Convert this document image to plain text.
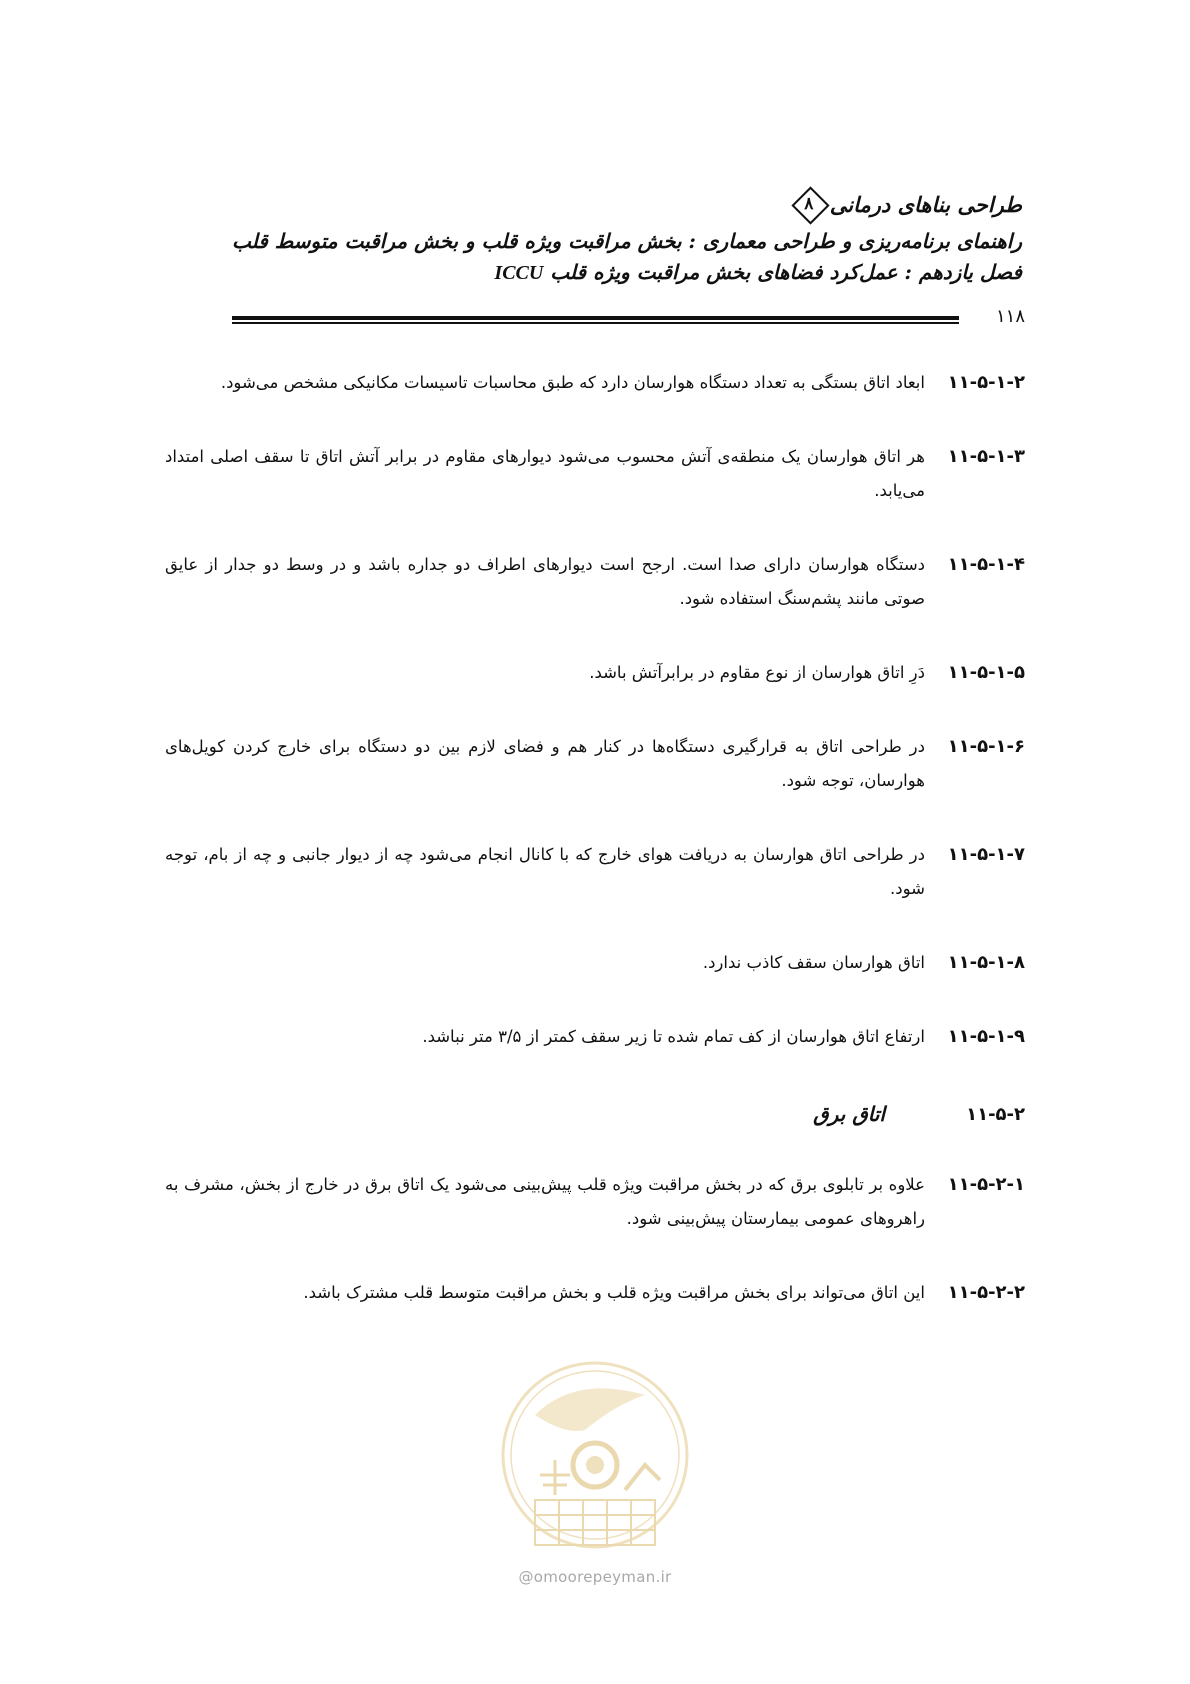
طراحی بناهای درمانی
۸
راهنمای برنامه‌ریزی و طراحی معماری : بخش مراقبت ویژه قلب و بخش مراقبت متوسط قلب
فصل یازدهم : عمل‌کرد فضاهای بخش مراقبت ویژه قلب ICCU
۱۱۸
۱۱-۵-۱-۲
ابعاد اتاق بستگی به تعداد دستگاه هوارسان دارد که طبق محاسبات تاسیسات مکانیکی مشخص می‌شود.
۱۱-۵-۱-۳
هر اتاق هوارسان یک منطقه‌ی آتش محسوب می‌شود دیوارهای مقاوم در برابر آتش اتاق تا سقف اصلی امتداد می‌یابد.
۱۱-۵-۱-۴
دستگاه هوارسان دارای صدا است. ارجح است دیوارهای اطراف دو جداره باشد و در وسط دو جدار از عایق صوتی مانند پشم‌سنگ استفاده شود.
۱۱-۵-۱-۵
دَرِ اتاق هوارسان از نوع مقاوم در برابرآتش باشد.
۱۱-۵-۱-۶
در طراحی اتاق به قرارگیری دستگاه‌ها در کنار هم و فضای لازم بین دو دستگاه برای خارج کردن کویل‌های هوارسان، توجه شود.
۱۱-۵-۱-۷
در طراحی اتاق هوارسان به دریافت هوای خارج که با کانال انجام می‌شود چه از دیوار جانبی و چه از بام، توجه شود.
۱۱-۵-۱-۸
اتاق هوارسان سقف کاذب ندارد.
۱۱-۵-۱-۹
ارتفاع اتاق هوارسان از کف تمام شده تا زیر سقف کمتر از ۳/۵ متر نباشد.
۱۱-۵-۲
اتاق برق
۱۱-۵-۲-۱
علاوه بر تابلوی برق که در بخش مراقبت ویژه قلب پیش‌بینی می‌شود یک اتاق برق در خارج از بخش، مشرف به راهروهای عمومی بیمارستان پیش‌بینی شود.
۱۱-۵-۲-۲
این اتاق می‌تواند برای بخش مراقبت ویژه قلب و بخش مراقبت متوسط قلب مشترک باشد.
@omoorepeyman.ir
